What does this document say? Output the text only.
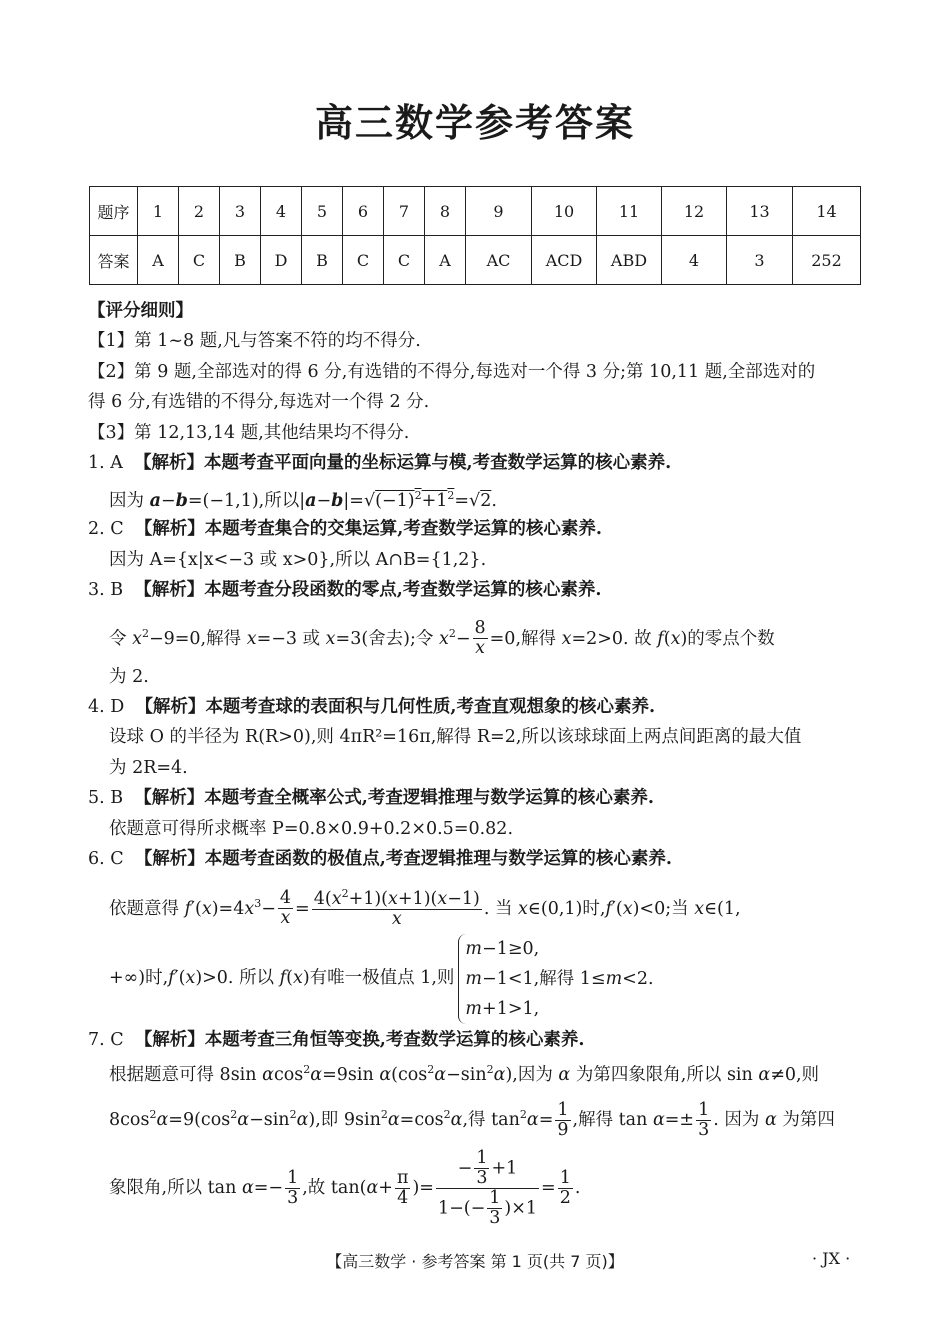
高三数学参考答案
题序	1	2	3	4	5	6	7	8	9	10	11	12	13	14
答案	A	C	B	D	B	C	C	A	AC	ACD	ABD	4	3	252

【评分细则】

【1】第 1~8 题,凡与答案不符的均不得分.

【2】第 9 题,全部选对的得 6 分,有选错的不得分,每选对一个得 3 分;第 10,11 题,全部选对的

得 6 分,有选错的不得分,每选对一个得 2 分.

【3】第 12,13,14 题,其他结果均不得分.

1. A 【解析】本题考查平面向量的坐标运算与模,考查数学运算的核心素养.

因为 a−b=(−1,1),所以$|a-b|=√(-1)^2+1^2=√2$.

2. C 【解析】本题考查集合的交集运算,考查数学运算的核心素养.

因为 A={x|x<−3 或 x>0},所以 A∩B={1,2}.

3. B 【解析】本题考查分段函数的零点,考查数学运算的核心素养.

令 $x^2-9=0$,解得 x=−3 或 x=3(舍去);令 $x^2- \frac{8}{x} =0$,解得 x=2>0. 故 f(x)的零点个数

为 2.

4. D 【解析】本题考查球的表面积与几何性质,考查直观想象的核心素养.

设球 O 的半径为 R(R>0),则 4πR²=16π,解得 R=2,所以该球球面上两点间距离的最大值

为 2R=4.

5. B 【解析】本题考查全概率公式,考查逻辑推理与数学运算的核心素养.

依题意可得所求概率 P=0.8×0.9+0.2×0.5=0.82.

6. C 【解析】本题考查函数的极值点,考查逻辑推理与数学运算的核心素养.

依题意得 $f'(x)=4x^3- \frac{4}{x} = \frac{4(x^2+1)(x+1)(x-1)}{x}$ . 当 x∈(0,1)时,f′(x)<0;当 x∈(1,

+∞)时,f′(x)>0. 所以 f(x)有唯一极值点 1,则
m−1≥0,
m−1<1,解得 1≤m<2.
m+1>1,

7. C 【解析】本题考查三角恒等变换,考查数学运算的核心素养.

根据题意可得 8sin αcos$^2$α=9sin $\alpha(\cos^2\alpha-\sin^2\alpha)$,因为 α 为第四象限角,所以 sin α≠0,则

$8\cos^2\alpha=9(\cos^2\alpha-\sin^2\alpha)$,即 $9\sin^2\alpha=\cos^2\alpha$,得 $\tan^2\alpha= \frac{1}{9}$ ,解得 $\tan \alpha=\pm \frac{1}{3}$ . 因为 α 为第四

象限角,所以 $\tan \alpha=- \frac{1}{3}$ ,故 $\tan(\alpha+ \frac{\pi}{4}$ )= $\frac{- \frac{1}{3} +1}{1-(- \frac{1}{3} )\times 1} = \frac{1}{2}$ .

【高三数学 · 参考答案 第 1 页(共 7 页)】	· JX ·
